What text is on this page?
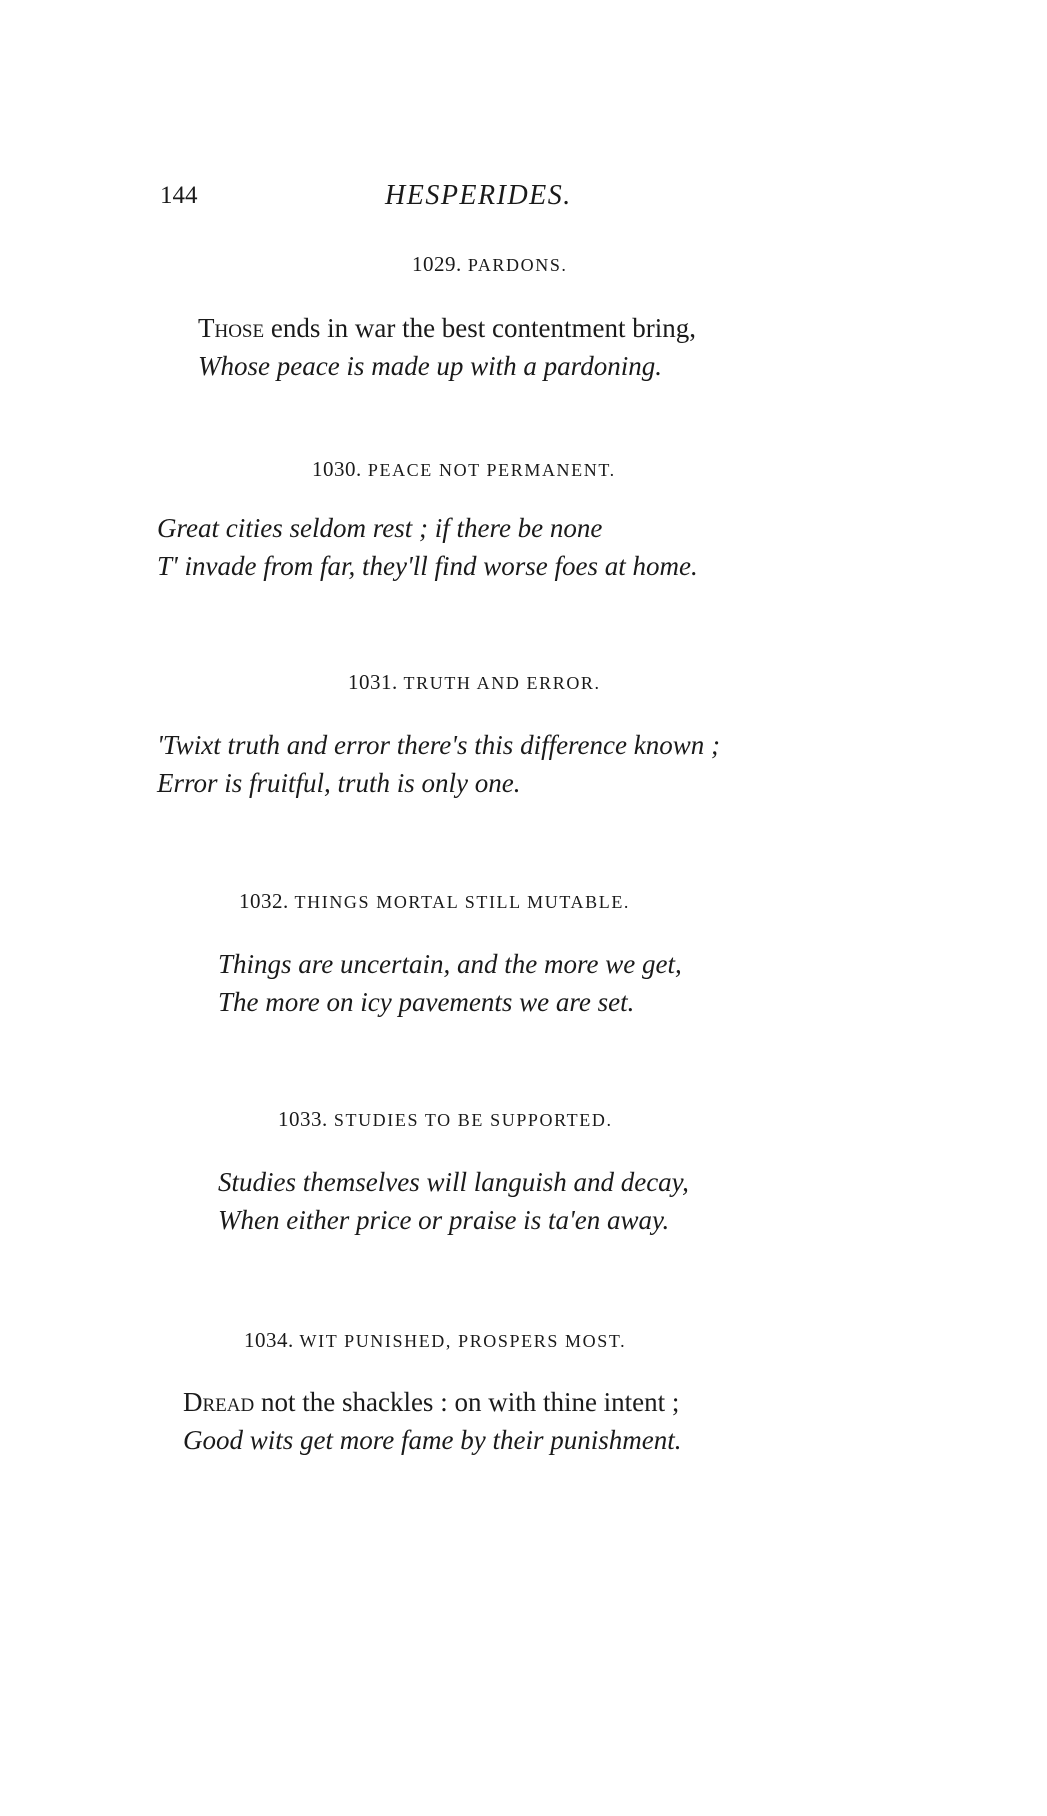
144	HESPERIDES.
1029. PARDONS.
Those ends in war the best contentment bring,
Whose peace is made up with a pardoning.
1030. PEACE NOT PERMANENT.
Great cities seldom rest ; if there be none
T' invade from far, they'll find worse foes at home.
1031. TRUTH AND ERROR.
'Twixt truth and error there's this difference known ;
Error is fruitful, truth is only one.
1032. THINGS MORTAL STILL MUTABLE.
Things are uncertain, and the more we get,
The more on icy pavements we are set.
1033. STUDIES TO BE SUPPORTED.
Studies themselves will languish and decay,
When either price or praise is ta'en away.
1034. WIT PUNISHED, PROSPERS MOST.
Dread not the shackles : on with thine intent ;
Good wits get more fame by their punishment.
